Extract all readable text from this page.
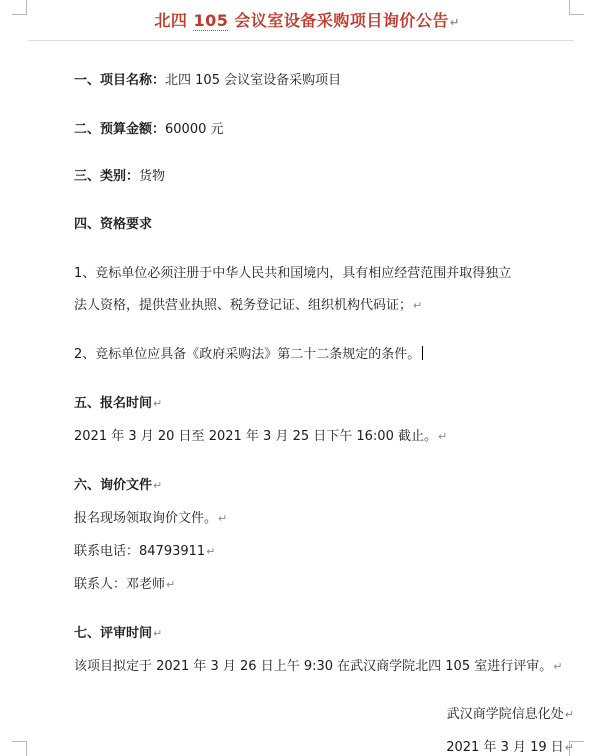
北四 105 会议室设备采购项目询价公告↵
一、项目名称：北四 105 会议室设备采购项目
二、预算金额：60000 元
三、类别：货物
四、资格要求
1、竞标单位必须注册于中华人民共和国境内，具有相应经营范围并取得独立
法人资格，提供营业执照、税务登记证、组织机构代码证；↵
2、竞标单位应具备《政府采购法》第二十二条规定的条件。
五、报名时间↵
2021 年 3 月 20 日至 2021 年 3 月 25 日下午 16:00 截止。↵
六、询价文件↵
报名现场领取询价文件。↵
联系电话：84793911↵
联系人：邓老师↵
七、评审时间↵
该项目拟定于 2021 年 3 月 26 日上午 9:30 在武汉商学院北四 105 室进行评审。↵
武汉商学院信息化处↵
2021 年 3 月 19 日↵
